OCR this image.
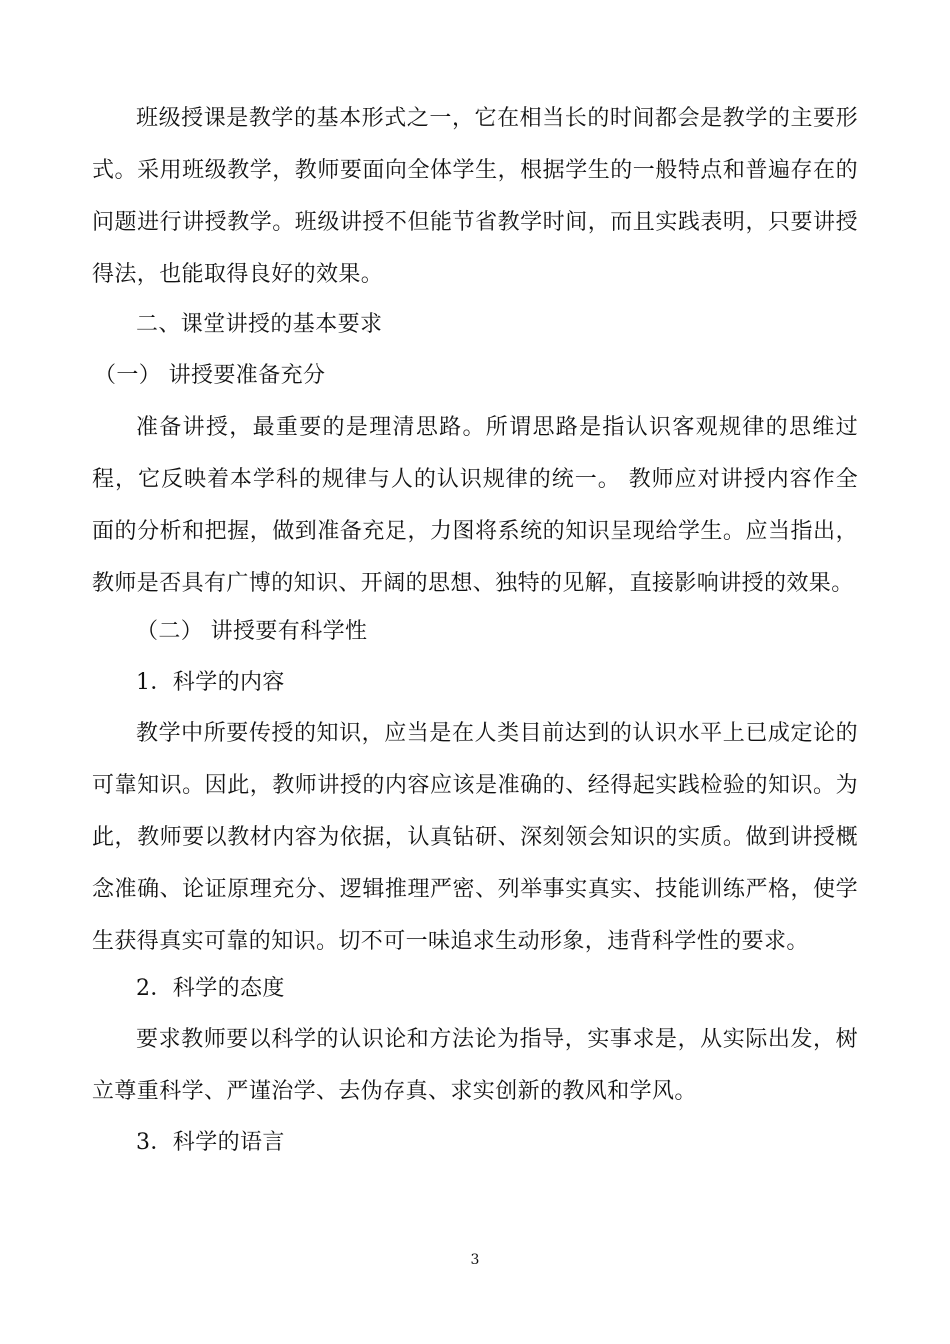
班级授课是教学的基本形式之一，它在相当长的时间都会是教学的主要形式。采用班级教学，教师要面向全体学生，根据学生的一般特点和普遍存在的问题进行讲授教学。班级讲授不但能节省教学时间，而且实践表明，只要讲授得法，也能取得良好的效果。

二、课堂讲授的基本要求

（一） 讲授要准备充分

准备讲授，最重要的是理清思路。所谓思路是指认识客观规律的思维过程，它反映着本学科的规律与人的认识规律的统一。 教师应对讲授内容作全面的分析和把握，做到准备充足，力图将系统的知识呈现给学生。应当指出，教师是否具有广博的知识、开阔的思想、独特的见解，直接影响讲授的效果。

（二） 讲授要有科学性

1．科学的内容

教学中所要传授的知识，应当是在人类目前达到的认识水平上已成定论的可靠知识。因此，教师讲授的内容应该是准确的、经得起实践检验的知识。为此，教师要以教材内容为依据，认真钻研、深刻领会知识的实质。做到讲授概念准确、论证原理充分、逻辑推理严密、列举事实真实、技能训练严格，使学生获得真实可靠的知识。切不可一味追求生动形象，违背科学性的要求。

2．科学的态度

要求教师要以科学的认识论和方法论为指导，实事求是，从实际出发，树立尊重科学、严谨治学、去伪存真、求实创新的教风和学风。

3．科学的语言

3
